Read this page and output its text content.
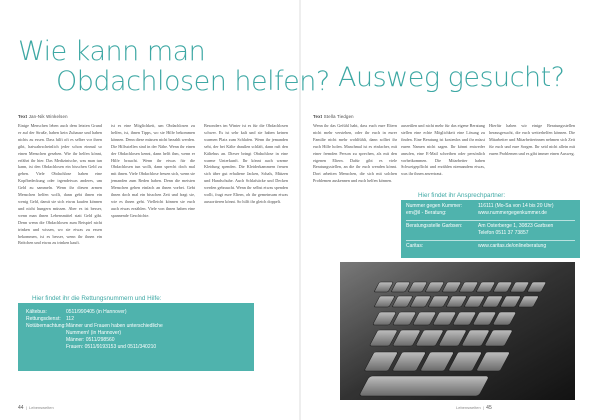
Wie kann man
Obdachlosen helfen? Ausweg gesucht?
Text Jan-Nik Winkelsen	Text Stella Tiedgen
Einige Menschen leben auch dem letzten Grund er auf der Straße, haben kein Zuhause und haben nichts zu essen. Dass hilft oft es selber vor ihren gibt, hatwahrscheinlich jeder schon einmal so einen Menschen gesehen. Wie ihr helfen könnt, erfährt ihr hier. Das Medizinische, was man tun kann, ist den Obdachlosen ein bisschen Geld zu geben. Viele Obdachlose haben eine Kopfbedeckung oder irgendetwas anderes, um Geld zu sammeln. Wenn ihr diesen armen Menschen helfen wollt, dann gebt ihnen ein wenig Geld, damit sie sich etwas kaufen können und nicht hungern müssen. Aber es ist besser, wenn man ihnen Lebensmittel statt Geld gibt. Denn wenn die Obdachlosen zum Beispiel nicht trinken und wissen, wo sie etwas zu essen bekommen, ist es besser, wenn ihr ihnen ein Brötchen und etwas zu trinken kauft.
ist es eine Möglichkeit, um Obdachlosen zu helfen, ist, ihnen Tipps, wo sie Hilfe bekommen können. Denn diese müssen nicht bezahlt werden. Die Hilfsstellen sind in der Nähe. Wenn ihr einen der Obdachlosen kennt, dann helft ihm, wenn er Hilfe braucht. Wenn ihr etwas für die Obdachlosen tun wollt, dann sprecht doch mal mit ihnen. Viele Obdachlose freuen sich, wenn sie jemanden zum Reden haben. Denn die meisten Menschen gehen einfach an ihnen vorbei. Gebt ihnen doch mal ein bisschen Zeit und fragt sie, wie es ihnen geht. Vielleicht können sie euch auch etwas erzählen. Viele von ihnen haben eine spannende Geschichte.
Besonders im Winter ist es für die Obdachlosen schwer. Es ist sehr kalt und sie haben keinen warmen Platz zum Schlafen. Wenn ihr jemanden seht, der bei Kälte draußen schläft, dann ruft den Kältebus an. Dieser bringt Obdachlose in eine warme Unterkunft. Ihr könnt auch warme Kleidung spenden. Die Kleiderkammern freuen sich über gut erhaltene Jacken, Schals, Mützen und Handschuhe. Auch Schlafsäcke und Decken werden gebraucht. Wenn ihr selbst etwas spenden wollt, fragt eure Eltern, ob ihr gemeinsam etwas aussortieren könnt. So hilft ihr gleich doppelt.
Wenn ihr das Gefühl habt, dass euch eure Eltern nicht mehr verstehen, oder ihr euch in eurer Familie nicht mehr wohlfühlt, dann solltet ihr euch Hilfe holen. Manchmal ist es einfacher, mit einer fremden Person zu sprechen, als mit den eigenen Eltern. Dafür gibt es viele Beratungsstellen, an die ihr euch wenden könnt. Dort arbeiten Menschen, die sich mit solchen Problemen auskennen und euch helfen können.
ausreißen und nicht mehr für das eigene Beratung stellen eine echte Möglichkeit eine Lösung zu finden. Eine Beratung ist kostenlos und ihr müsst euren Namen nicht sagen. Ihr könnt entweder anrufen, eine E-Mail schreiben oder persönlich vorbeikommen. Die Mitarbeiter haben Schweigepflicht und erzählen niemandem etwas, was ihr ihnen anvertraut.
Hierfür haben wir einige Beratungsstellen herausgesucht, die euch weiterhelfen können. Die Mitarbeiter und Mitarbeiterinnen nehmen sich Zeit für euch und eure Sorgen. Ihr seid nicht allein mit euren Problemen und es gibt immer einen Ausweg.
Hier findet ihr die Rettungsnummern und Hilfe:
Kältebus:	0511/990405 (in Hannover)
Rettungsdienst:	112
Notübernachtung: Männer und Frauen haben unterschiedliche Nummern! (in Hannover)
Männer: 0511/298560
Frauen: 0511/9193153 und 0511/340210
Hier findet ihr Ansprechpartner:
Nummer gegen Kummer:	116111 (Mo-Sa von 14 bis 20 Uhr)
em@il - Beratung:	www.nummergegenkummer.de
Beratungsstelle Garbsen:	Am Osterberge 1, 30823 Garbsen
Telefon 0511 37 73857
Caritas:	www.caritas.de/onlineberatung
44  |  Lebenswelten	Lebenswelten  |  45
